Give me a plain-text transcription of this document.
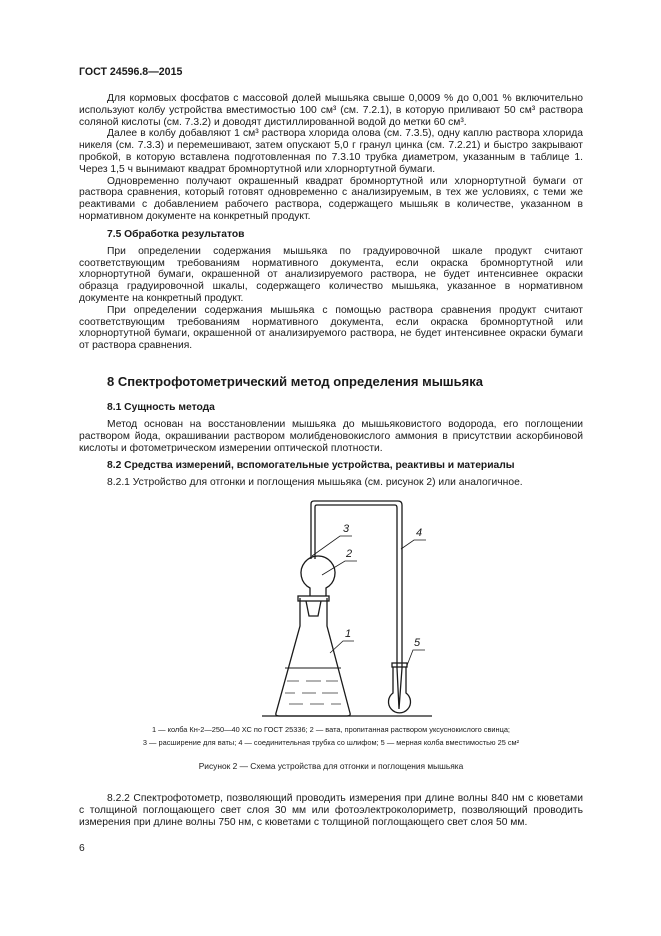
ГОСТ 24596.8—2015

Для кормовых фосфатов с массовой долей мышьяка свыше 0,0009 % до 0,001 % включительно используют колбу устройства вместимостью 100 см³ (см. 7.2.1), в которую приливают 50 см³ раствора соляной кислоты (см. 7.3.2) и доводят дистиллированной водой до метки 60 см³.

Далее в колбу добавляют 1 см³ раствора хлорида олова (см. 7.3.5), одну каплю раствора хлорида никеля (см. 7.3.3) и перемешивают, затем опускают 5,0 г гранул цинка (см. 7.2.21) и быстро закрывают пробкой, в которую вставлена подготовленная по 7.3.10 трубка диаметром, указанным в таблице 1. Через 1,5 ч вынимают квадрат бромнортутной или хлорнортутной бумаги.

Одновременно получают окрашенный квадрат бромнортутной или хлорнортутной бумаги от раствора сравнения, который готовят одновременно с анализируемым, в тех же условиях, с теми же реактивами с добавлением рабочего раствора, содержащего мышьяк в количестве, указанном в нормативном документе на конкретный продукт.

7.5 Обработка результатов

При определении содержания мышьяка по градуировочной шкале продукт считают соответствующим требованиям нормативного документа, если окраска бромнортутной или хлорнортутной бумаги, окрашенной от анализируемого раствора, не будет интенсивнее окраски образца градуировочной шкалы, содержащего количество мышьяка, указанное в нормативном документе на конкретный продукт.

При определении содержания мышьяка с помощью раствора сравнения продукт считают соответствующим требованиям нормативного документа, если окраска бромнортутной или хлорнортутной бумаги, окрашенной от анализируемого раствора, не будет интенсивнее окраски бумаги от раствора сравнения.

8 Спектрофотометрический метод определения мышьяка
8.1 Сущность метода

Метод основан на восстановлении мышьяка до мышьяковистого водорода, его поглощении раствором йода, окрашивании раствором молибденовокислого аммония в присутствии аскорбиновой кислоты и фотометрическом измерении оптической плотности.

8.2 Средства измерений, вспомогательные устройства, реактивы и материалы

8.2.1 Устройство для отгонки и поглощения мышьяка (см. рисунок 2) или аналогичное.

3
2
1
4
5
1 — колба Кн-2—250—40 ХС по ГОСТ 25336; 2 — вата, пропитанная раствором уксуснокислого свинца;
3 — расширение для ваты; 4 — соединительная трубка со шлифом; 5 — мерная колба вместимостью 25 см²
Рисунок 2 — Схема устройства для отгонки и поглощения мышьяка

8.2.2 Спектрофотометр, позволяющий проводить измерения при длине волны 840 нм с кюветами с толщиной поглощающего свет слоя 30 мм или фотоэлектроколориметр, позволяющий проводить измерения при длине волны 750 нм, с кюветами с толщиной поглощающего свет слоя 50 мм.

6
